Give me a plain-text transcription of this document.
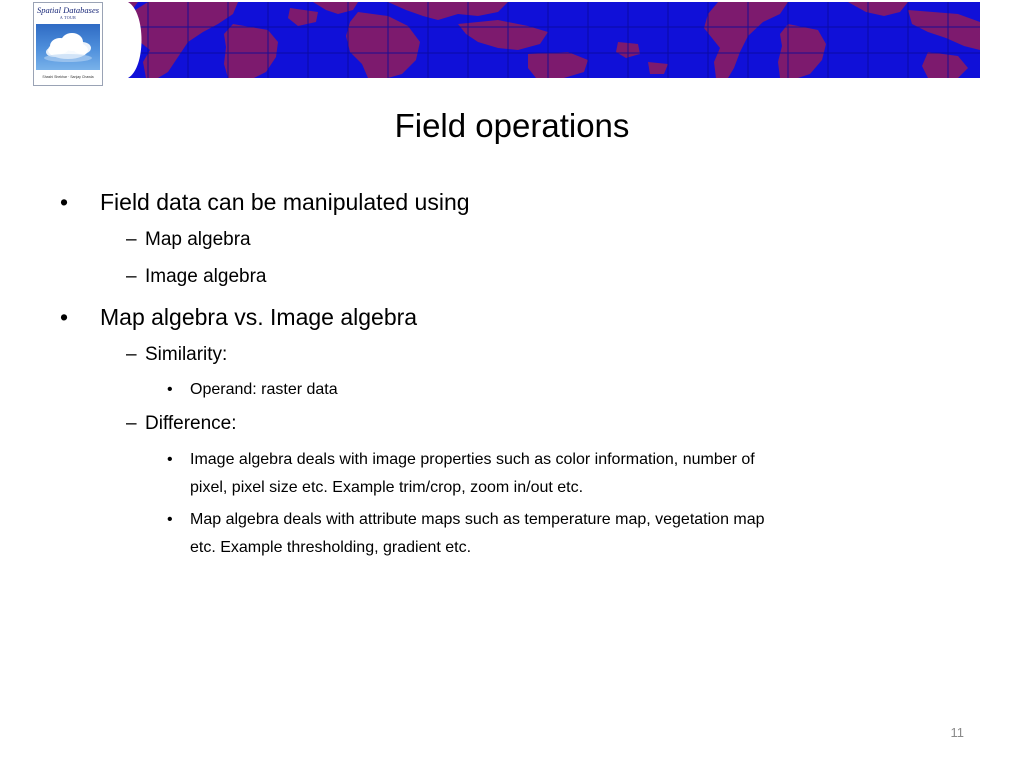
Spatial Databases
A TOUR
Shashi Shekhar · Sanjay Chawla
Field operations
• Field data can be manipulated using
– Map algebra
– Image algebra
• Map algebra vs. Image algebra
– Similarity:
• Operand: raster data
– Difference:
• Image algebra deals with image properties such as color information, number of
pixel, pixel size etc. Example trim/crop, zoom in/out etc.
• Map algebra deals with attribute maps such as temperature map, vegetation map
etc. Example thresholding, gradient etc.
11
